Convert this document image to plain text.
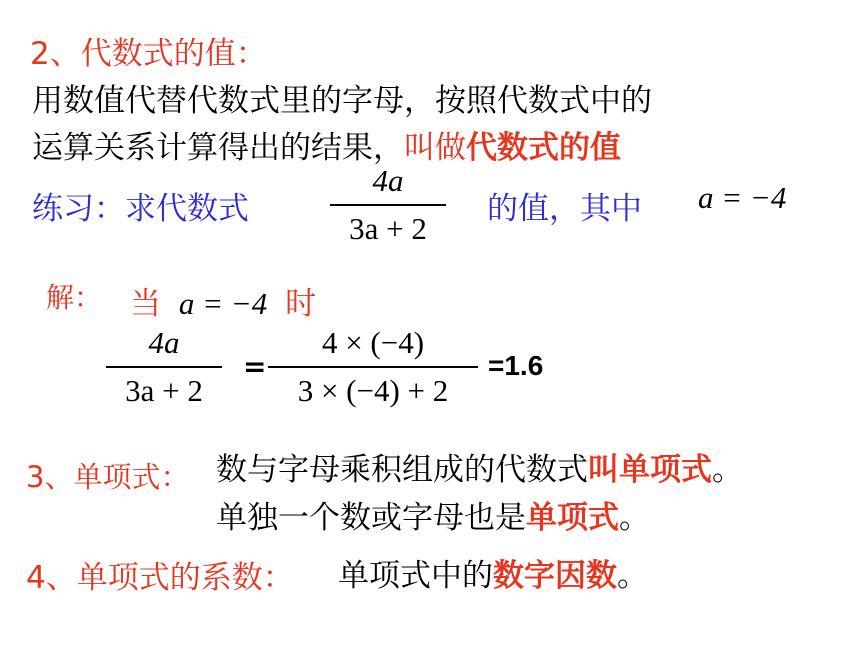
2、代数式的值：
用数值代替代数式里的字母，按照代数式中的
运算关系计算得出的结果，叫做代数式的值
练习：求代数式
4a
3a + 2
的值，其中 a = −4
解： 当 a = −4 时
4a
3a + 2
=
4 × (−4)
3 × (−4) + 2
=1.6
3、单项式： 数与字母乘积组成的代数式叫单项式。
单独一个数或字母也是单项式。
4、单项式的系数： 单项式中的数字因数。
